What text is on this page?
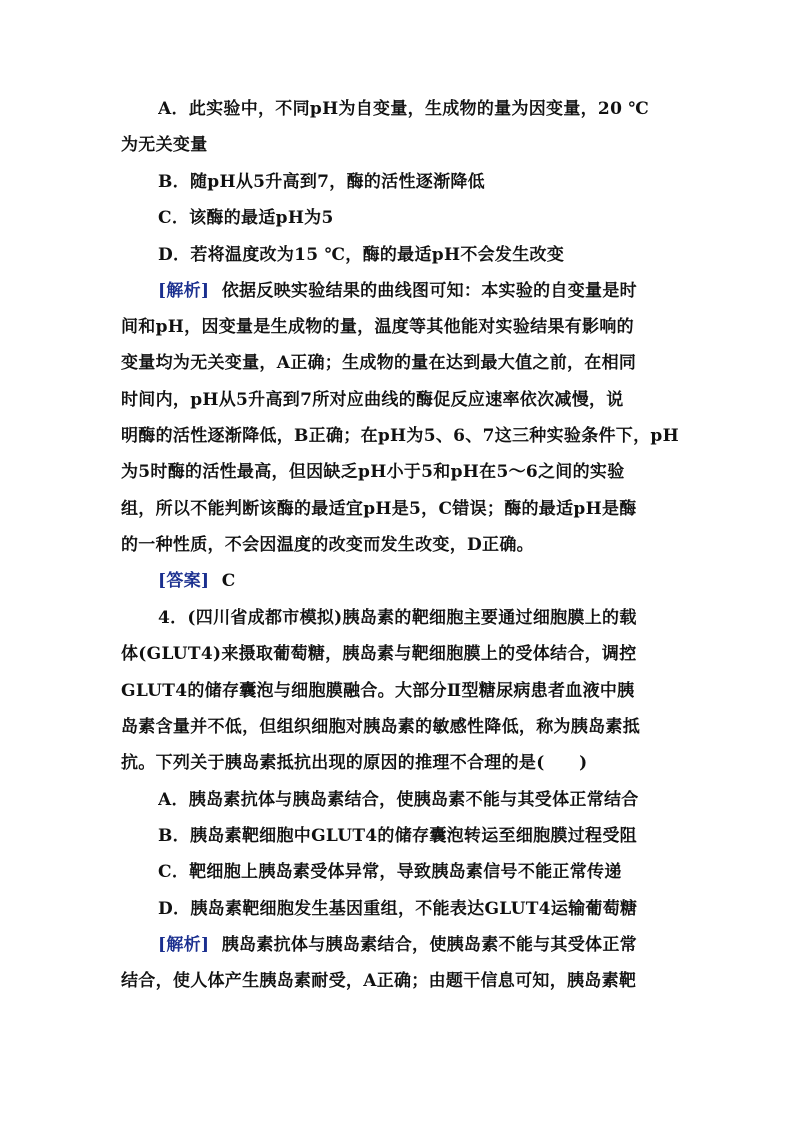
A．此实验中，不同pH为自变量，生成物的量为因变量，20 ℃
为无关变量
B．随pH从5升高到7，酶的活性逐渐降低
C．该酶的最适pH为5
D．若将温度改为15 ℃，酶的最适pH不会发生改变
[解析] 依据反映实验结果的曲线图可知：本实验的自变量是时
间和pH，因变量是生成物的量，温度等其他能对实验结果有影响的
变量均为无关变量，A正确；生成物的量在达到最大值之前，在相同
时间内，pH从5升高到7所对应曲线的酶促反应速率依次减慢，说
明酶的活性逐渐降低，B正确；在pH为5、6、7这三种实验条件下，pH
为5时酶的活性最高，但因缺乏pH小于5和pH在5～6之间的实验
组，所以不能判断该酶的最适宜pH是5，C错误；酶的最适pH是酶
的一种性质，不会因温度的改变而发生改变，D正确。
[答案] C
4．(四川省成都市模拟)胰岛素的靶细胞主要通过细胞膜上的载
体(GLUT4)来摄取葡萄糖，胰岛素与靶细胞膜上的受体结合，调控
GLUT4的储存囊泡与细胞膜融合。大部分Ⅱ型糖尿病患者血液中胰
岛素含量并不低，但组织细胞对胰岛素的敏感性降低，称为胰岛素抵
抗。下列关于胰岛素抵抗出现的原因的推理不合理的是(　　)
A．胰岛素抗体与胰岛素结合，使胰岛素不能与其受体正常结合
B．胰岛素靶细胞中GLUT4的储存囊泡转运至细胞膜过程受阻
C．靶细胞上胰岛素受体异常，导致胰岛素信号不能正常传递
D．胰岛素靶细胞发生基因重组，不能表达GLUT4运输葡萄糖
[解析] 胰岛素抗体与胰岛素结合，使胰岛素不能与其受体正常
结合，使人体产生胰岛素耐受，A正确；由题干信息可知，胰岛素靶
